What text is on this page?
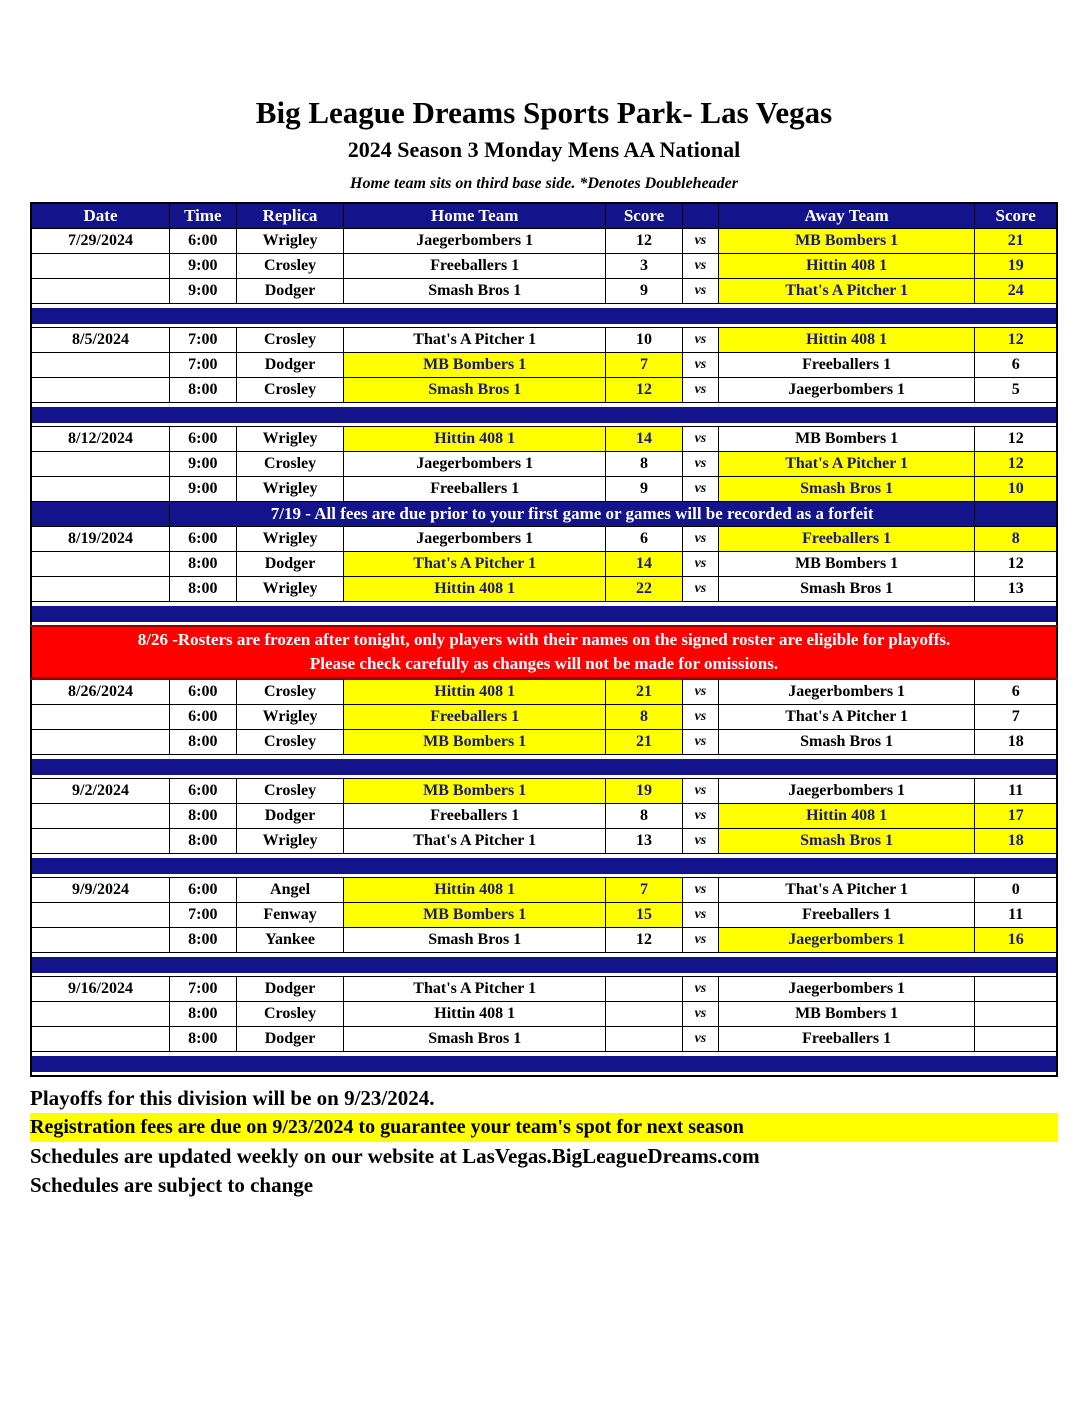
Big League Dreams Sports Park- Las Vegas
2024 Season 3 Monday Mens AA National
Home team sits on third base side. *Denotes Doubleheader
Date	Time	Replica	Home Team	Score		Away Team	Score
7/29/2024	6:00	Wrigley	Jaegerbombers 1	12	vs	MB Bombers 1	21
	9:00	Crosley	Freeballers 1	3	vs	Hittin 408 1	19
	9:00	Dodger	Smash Bros 1	9	vs	That's A Pitcher 1	24

8/5/2024	7:00	Crosley	That's A Pitcher 1	10	vs	Hittin 408 1	12
	7:00	Dodger	MB Bombers 1	7	vs	Freeballers 1	6
	8:00	Crosley	Smash Bros 1	12	vs	Jaegerbombers 1	5

8/12/2024	6:00	Wrigley	Hittin 408 1	14	vs	MB Bombers 1	12
	9:00	Crosley	Jaegerbombers 1	8	vs	That's A Pitcher 1	12
	9:00	Wrigley	Freeballers 1	9	vs	Smash Bros 1	10
	7/19 - All fees are due prior to your first game or games will be recorded as a forfeit						
8/19/2024	6:00	Wrigley	Jaegerbombers 1	6	vs	Freeballers 1	8
	8:00	Dodger	That's A Pitcher 1	14	vs	MB Bombers 1	12
	8:00	Wrigley	Hittin 408 1	22	vs	Smash Bros 1	13

8/26 -Rosters are frozen after tonight, only players with their names on the signed roster are eligible for playoffs.
Please check carefully as changes will not be made for omissions.							

8/26/2024	6:00	Crosley	Hittin 408 1	21	vs	Jaegerbombers 1	6
	6:00	Wrigley	Freeballers 1	8	vs	That's A Pitcher 1	7
	8:00	Crosley	MB Bombers 1	21	vs	Smash Bros 1	18

9/2/2024	6:00	Crosley	MB Bombers 1	19	vs	Jaegerbombers 1	11
	8:00	Dodger	Freeballers 1	8	vs	Hittin 408 1	17
	8:00	Wrigley	That's A Pitcher 1	13	vs	Smash Bros 1	18

9/9/2024	6:00	Angel	Hittin 408 1	7	vs	That's A Pitcher 1	0
	7:00	Fenway	MB Bombers 1	15	vs	Freeballers 1	11
	8:00	Yankee	Smash Bros 1	12	vs	Jaegerbombers 1	16

9/16/2024	7:00	Dodger	That's A Pitcher 1		vs	Jaegerbombers 1	
	8:00	Crosley	Hittin 408 1		vs	MB Bombers 1	
	8:00	Dodger	Smash Bros 1		vs	Freeballers 1	

Playoffs for this division will be on 9/23/2024.
Registration fees are due on 9/23/2024 to guarantee your team's spot for next season
Schedules are updated weekly on our website at LasVegas.BigLeagueDreams.com
Schedules are subject to change
